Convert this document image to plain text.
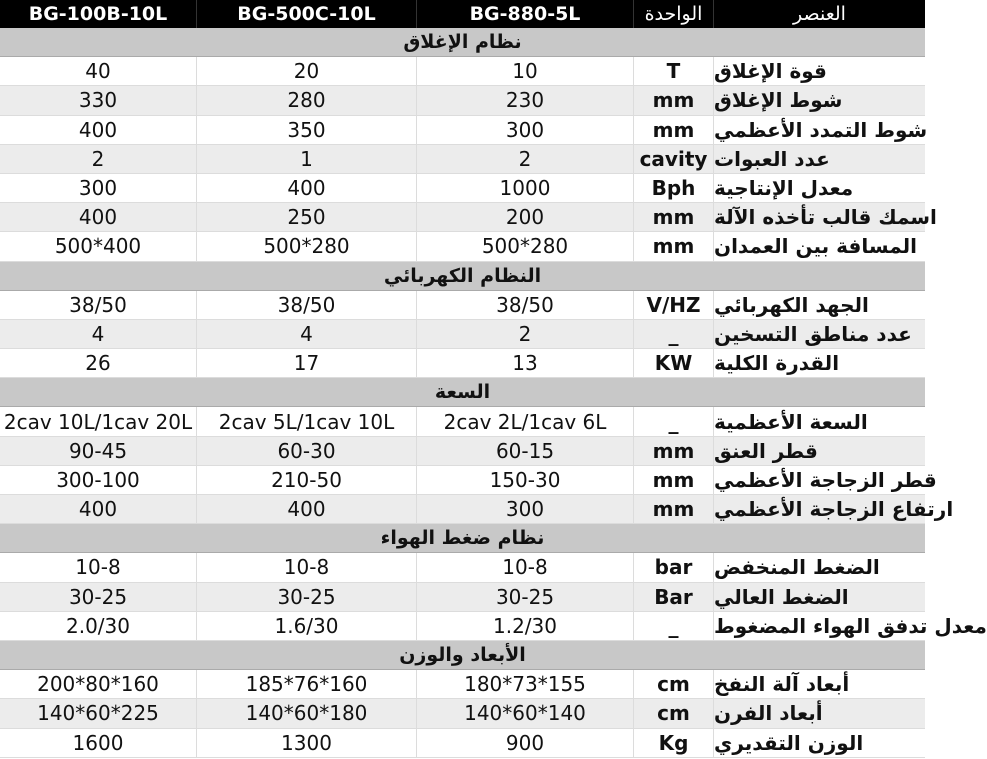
BG-100B-10L	BG-500C-10L	BG-880-5L	الواحدة	العنصر
نظام الإغلاق
40	20	10	T	قوة الإغلاق
330	280	230	mm شوط الإغلاق
400	350	300	mm شوط التمدد الأعظمي
2	1	2	cavity عدد العبوات
300	400	1000	Bph معدل الإنتاجية
400	250	200	mm اسمك قالب تأخذه الآلة
500*400	500*280	500*280	mm المسافة بين العمدان
النظام الكهربائي
38/50	38/50	38/50	V/HZ الجهد الكهربائي
4	4	2	_	عدد مناطق التسخين
26	17	13	KW	القدرة الكلية
السعة
2cav 10L/1cav 20L	2cav 5L/1cav 10L	2cav 2L/1cav 6L	_	السعة الأعظمية
90-45	60-30	60-15	mm قطر العنق
300-100	210-50	150-30	mm قطر الزجاجة الأعظمي
400	400	300	mm ارتفاع الزجاجة الأعظمي
نظام ضغط الهواء
10-8	10-8	10-8	bar	الضغط المنخفض
30-25	30-25	30-25	Bar	الضغط العالي
2.0/30	1.6/30	1.2/30	_	معدل تدفق الهواء المضغوط
الأبعاد والوزن
200*80*160	185*76*160	180*73*155	cm	أبعاد آلة النفخ
140*60*225	140*60*180	140*60*140	cm	أبعاد الفرن
1600	1300	900	Kg	الوزن التقديري
